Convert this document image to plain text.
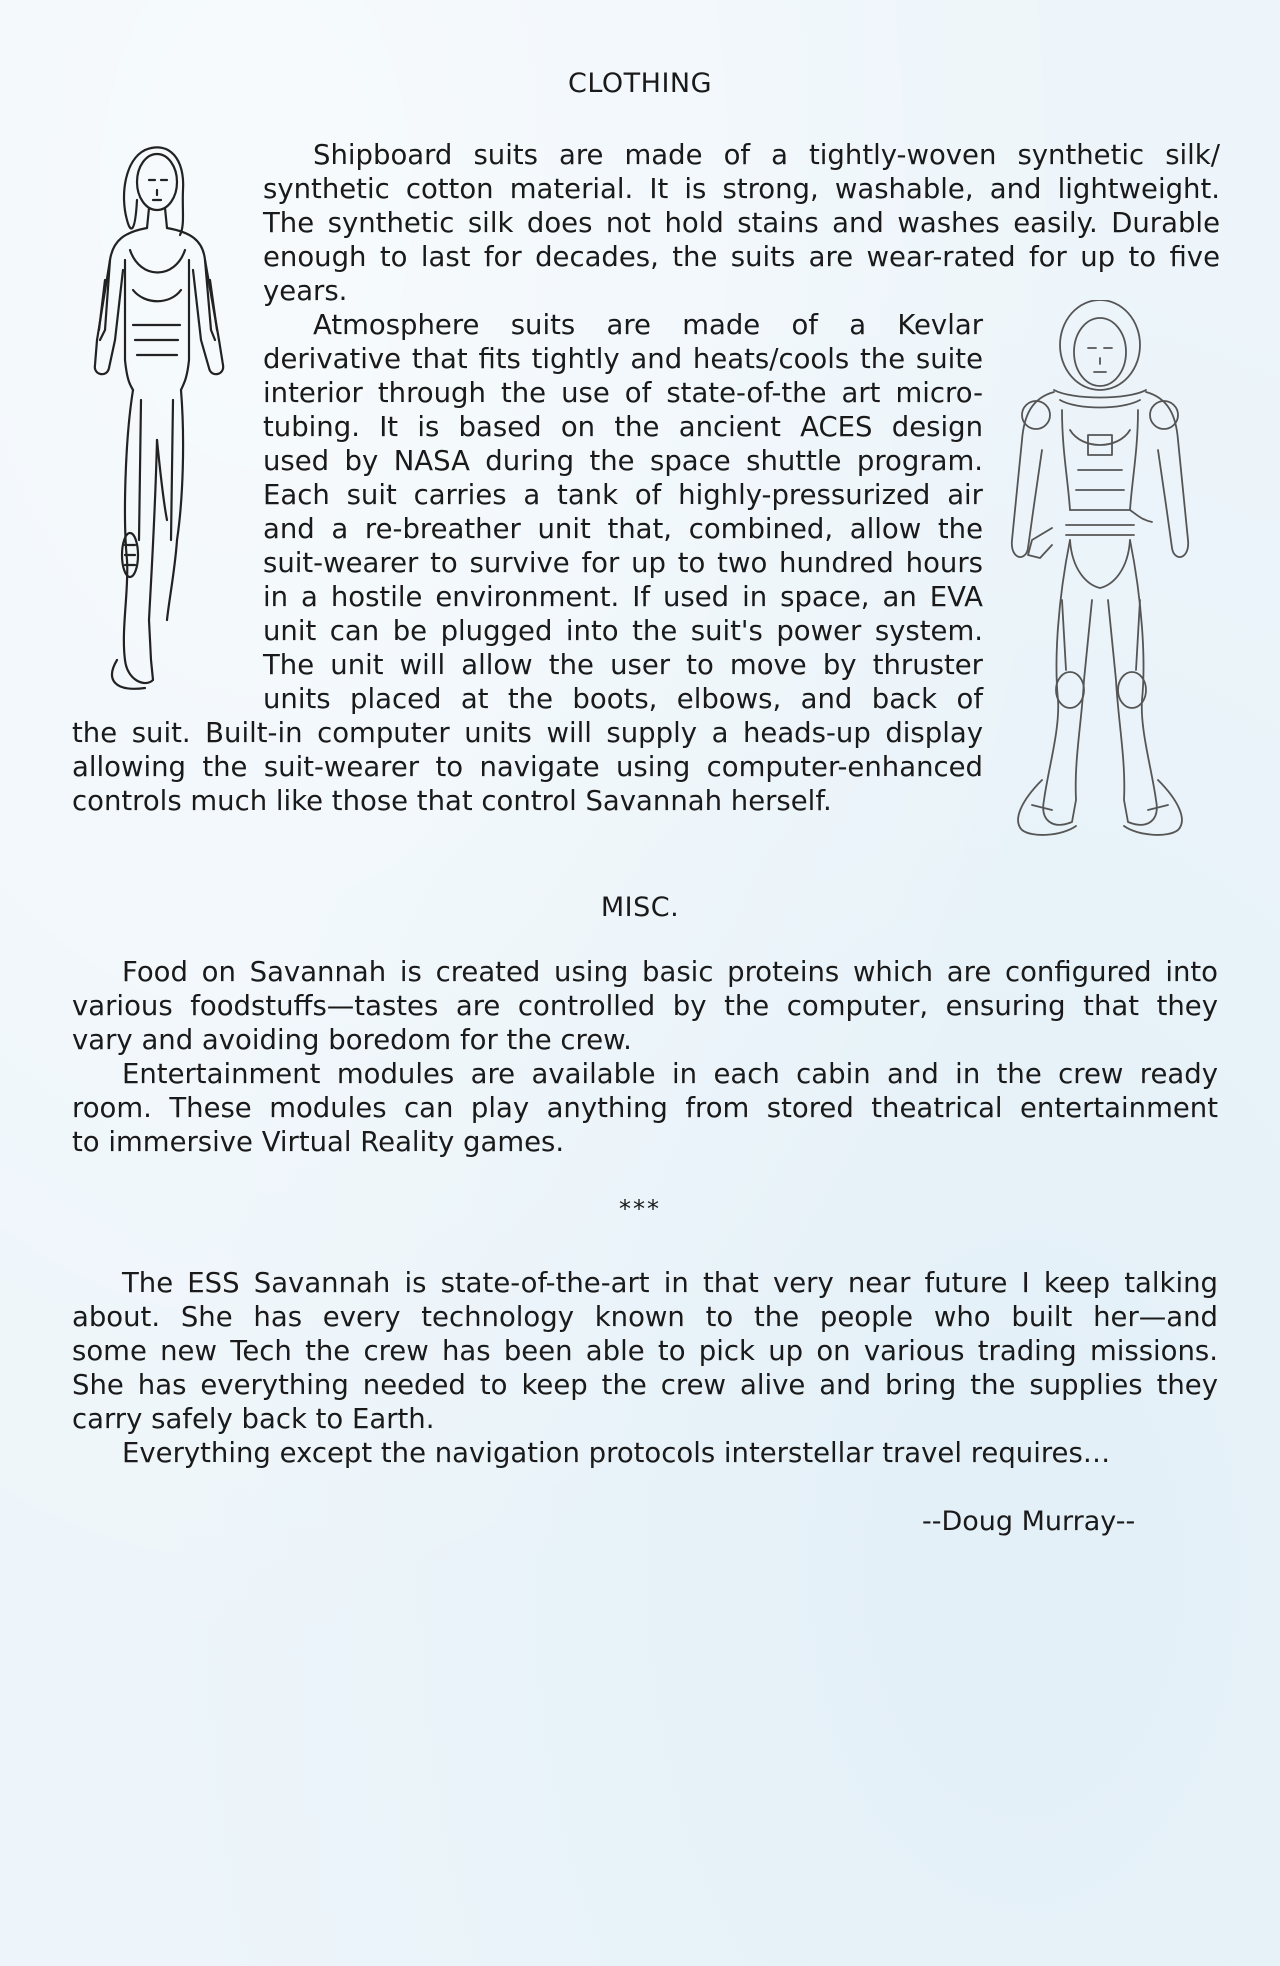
CLOTHING
Shipboard suits are made of a tightly-woven synthetic silk/
synthetic cotton material. It is strong, washable, and lightweight.
The synthetic silk does not hold stains and washes easily. Durable
enough to last for decades, the suits are wear-rated for up to five
years.
Atmosphere suits are made of a Kevlar
derivative that fits tightly and heats/cools the suite
interior through the use of state-of-the art micro-
tubing. It is based on the ancient ACES design
used by NASA during the space shuttle program.
Each suit carries a tank of highly-pressurized air
and a re-breather unit that, combined, allow the
suit-wearer to survive for up to two hundred hours
in a hostile environment. If used in space, an EVA
unit can be plugged into the suit's power system.
The unit will allow the user to move by thruster
units placed at the boots, elbows, and back of
the suit. Built-in computer units will supply a heads-up display
allowing the suit-wearer to navigate using computer-enhanced
controls much like those that control Savannah herself.
MISC.
Food on Savannah is created using basic proteins which are configured into
various foodstuffs—tastes are controlled by the computer, ensuring that they
vary and avoiding boredom for the crew.
Entertainment modules are available in each cabin and in the crew ready
room. These modules can play anything from stored theatrical entertainment
to immersive Virtual Reality games.
***
The ESS Savannah is state-of-the-art in that very near future I keep talking
about. She has every technology known to the people who built her—and
some new Tech the crew has been able to pick up on various trading missions.
She has everything needed to keep the crew alive and bring the supplies they
carry safely back to Earth.
Everything except the navigation protocols interstellar travel requires…
--Doug Murray--
